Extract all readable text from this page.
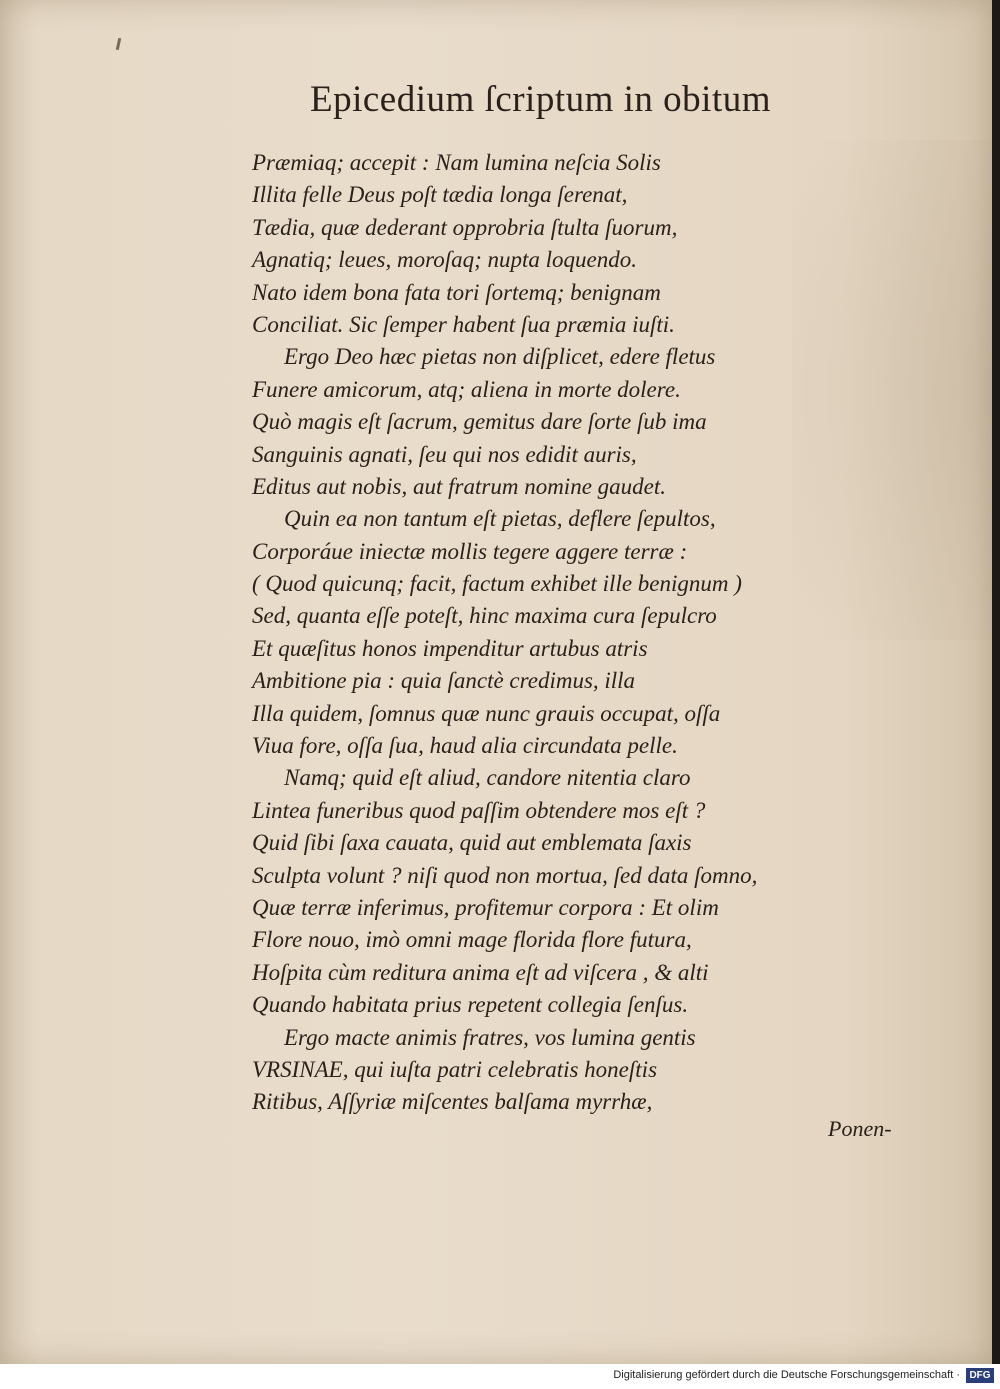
Epicedium ſcriptum in obitum
Præmiaq; accepit : Nam lumina neſcia Solis
Illita felle Deus poſt tædia longa ſerenat,
Tædia, quæ dederant opprobria ſtulta ſuorum,
Agnatiq; leues, moroſaq; nupta loquendo.
Nato idem bona fata tori ſortemq; benignam
Conciliat. Sic ſemper habent ſua præmia iuſti.
Ergo Deo hæc pietas non diſplicet, edere fletus
Funere amicorum, atq; aliena in morte dolere.
Quò magis eſt ſacrum, gemitus dare ſorte ſub ima
Sanguinis agnati, ſeu qui nos edidit auris,
Editus aut nobis, aut fratrum nomine gaudet.
Quin ea non tantum eſt pietas, deflere ſepultos,
Corporáue iniectæ mollis tegere aggere terræ :
( Quod quicunq; facit, factum exhibet ille benignum )
Sed, quanta eſſe poteſt, hinc maxima cura ſepulcro
Et quæſitus honos impenditur artubus atris
Ambitione pia : quia ſanctè credimus, illa
Illa quidem, ſomnus quæ nunc grauis occupat, oſſa
Viua fore, oſſa ſua, haud alia circundata pelle.
Namq; quid eſt aliud, candore nitentia claro
Lintea funeribus quod paſſim obtendere mos eſt ?
Quid ſibi ſaxa cauata, quid aut emblemata ſaxis
Sculpta volunt ? niſi quod non mortua, ſed data ſomno,
Quæ terræ inferimus, profitemur corpora : Et olim
Flore nouo, imò omni mage florida flore futura,
Hoſpita cùm reditura anima eſt ad viſcera , & alti
Quando habitata prius repetent collegia ſenſus.
Ergo macte animis fratres, vos lumina gentis
VRSINAE, qui iuſta patri celebratis honeſtis
Ritibus, Aſſyriæ miſcentes balſama myrrhæ,
Ponen-
Digitalisierung gefördert durch die Deutsche Forschungsgemeinschaft · DFG
